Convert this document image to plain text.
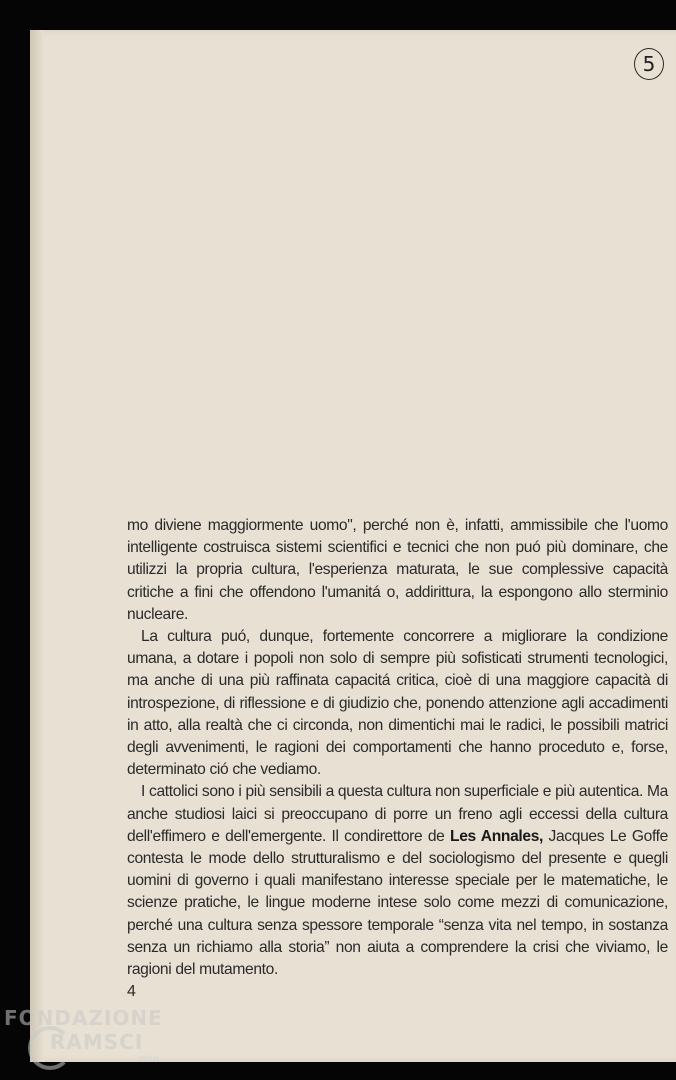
5

mo diviene maggiormente uomo", perché non è, infatti, ammissibile che l'uomo intelligente costruisca sistemi scientifici e tecnici che non puó più dominare, che utilizzi la propria cultura, l'esperienza maturata, le sue complessive capacità critiche a fini che offendono l'umanitá o, addirittura, la espongono allo sterminio nucleare.

La cultura puó, dunque, fortemente concorrere a migliorare la condizione umana, a dotare i popoli non solo di sempre più sofisticati strumenti tecnologici, ma anche di una più raffinata capacitá critica, cioè di una maggiore capacità di introspezione, di riflessione e di giudizio che, ponendo attenzione agli accadimenti in atto, alla realtà che ci circonda, non dimentichi mai le radici, le possibili matrici degli avvenimenti, le ragioni dei comportamenti che hanno proceduto e, forse, determinato ció che vediamo.

I cattolici sono i più sensibili a questa cultura non superficiale e più autentica. Ma anche studiosi laici si preoccupano di porre un freno agli eccessi della cultura dell'effimero e dell'emergente. Il condirettore de Les Annales, Jacques Le Goffe contesta le mode dello strutturalismo e del sociologismo del presente e quegli uomini di governo i quali manifestano interesse speciale per le matematiche, le scienze pratiche, le lingue moderne intese solo come mezzi di comunicazione, perché una cultura senza spessore temporale “senza vita nel tempo, in sostanza senza un richiamo alla storia” non aiuta a comprendere la crisi che viviamo, le ragioni del mutamento.

4
FONDAZIONE
RAMSCI
onlus
